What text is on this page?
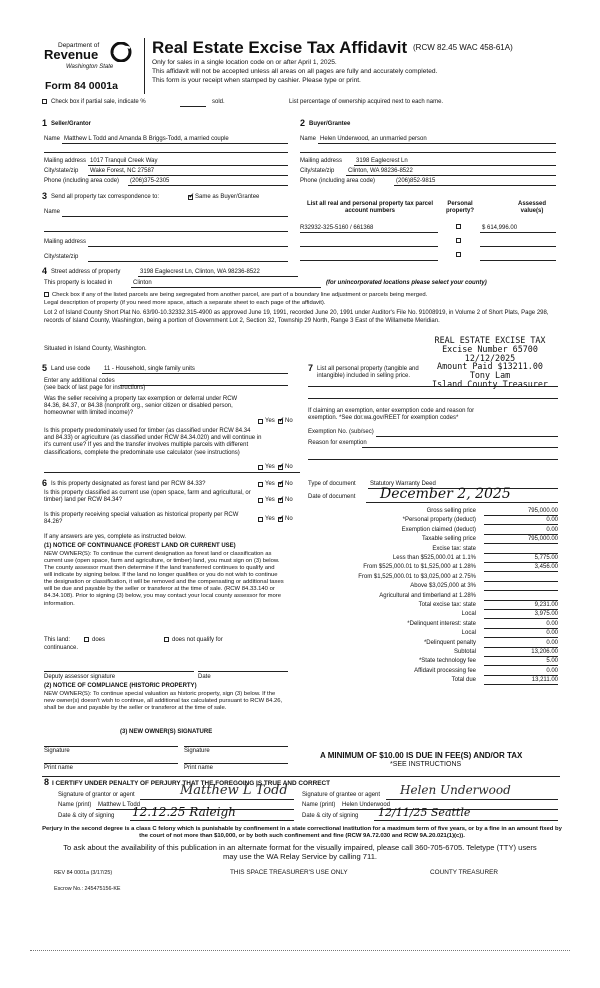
Department of
Revenue
Washington State
Form 84 0001a
Real Estate Excise Tax Affidavit (RCW 82.45 WAC 458-61A)
Only for sales in a single location code on or after April 1, 2025.
This affidavit will not be accepted unless all areas on all pages are fully and accurately completed.
This form is your receipt when stamped by cashier. Please type or print.
Check box if partial sale, indicate %	sold.	List percentage of ownership acquired next to each name.
1 Seller/Grantor
Name Matthew L Todd and Amanda B Briggs-Todd, a married couple
Mailing address 1017 Tranquil Creek Way
City/state/zip Wake Forest, NC 27587
Phone (including area code) (206)375-2305
2 Buyer/Grantee
Name Helen Underwood, an unmarried person
Mailing address 3198 Eaglecrest Ln
City/state/zip Clinton, WA 98236-8522
Phone (including area code)	(206)852-9815
3 Send all property tax correspondence to: ✓	Same as Buyer/Grantee
Name
Mailing address
City/state/zip
List all real and personal property tax parcel account numbers
Personal property?
Assessed value(s)
R32932-325-5160 / 661368	$ 614,996.00
4 Street address of property	3198 Eaglecrest Ln, Clinton, WA 98236-8522
This property is located in	Clinton	(for unincorporated locations please select your county)
Check box if any of the listed parcels are being segregated from another parcel, are part of a boundary line adjustment or parcels being merged.
Legal description of property (if you need more space, attach a separate sheet to each page of the affidavit).
Lot 2 of Island County Short Plat No. 63/90-10.32332.315-4900 as approved June 19, 1991, recorded June 20, 1991 under Auditor's File No. 91008919, in Volume 2 of Short Plats, Page 298, records of Island County, Washington, being a portion of Government Lot 2, Section 32, Township 29 North, Range 3 East of the Willamette Meridian.
Situated in Island County, Washington.
REAL ESTATE EXCISE TAX
Excise Number 65700
12/12/2025
Amount Paid $13211.00
Tony Lam
Island County Treasurer
5 Land use code 11 - Household, single family units
Enter any additional codes
(see back of last page for instructions)
Was the seller receiving a property tax exemption or deferral under RCW 84.36, 84.37, or 84.38 (nonprofit org., senior citizen or disabled person, homeowner with limited income)?
Yes ✓ No
Is this property predominately used for timber (as classified under RCW 84.34 and 84.33) or agriculture (as classified under RCW 84.34.020) and will continue in it's current use? If yes and the transfer involves multiple parcels with different classifications, complete the predominate use calculator (see instructions)
Yes ✓ No
7 List all personal property (tangible and intangible) included in selling price.
If claiming an exemption, enter exemption code and reason for exemption. *See dor.wa.gov/REET for exemption codes*
Exemption No. (sub/sec)
Reason for exemption
6 Is this property designated as forest land per RCW 84.33?	Yes ✓ No
Is this property classified as current use (open space, farm and agricultural, or timber) land per RCW 84.34?	Yes ✓ No
Is this property receiving special valuation as historical property per RCW 84.26?
Yes ✓ No
If any answers are yes, complete as instructed below.
(1) NOTICE OF CONTINUANCE (FOREST LAND OR CURRENT USE)
NEW OWNER(S): To continue the current designation as forest land or classification as current use (open space, farm and agriculture, or timber) land, you must sign on (3) below. The county assessor must then determine if the land transferred continues to qualify and will indicate by signing below. If the land no longer qualifies or you do not wish to continue the designation or classification, it will be removed and the compensating or additional taxes will be due and payable by the seller or transferor at the time of sale. (RCW 84.33.140 or 84.34.108). Prior to signing (3) below, you may contact your local county assessor for more information.
This land:	does	does not qualify for
continuance.
Deputy assessor signature	Date
(2) NOTICE OF COMPLIANCE (HISTORIC PROPERTY)
NEW OWNER(S): To continue special valuation as historic property, sign (3) below. If the new owner(s) doesn't wish to continue, all additional tax calculated pursuant to RCW 84.26, shall be due and payable by the seller or transferor at the time of sale.
(3) NEW OWNER(S) SIGNATURE
Signature	Signature
Print name	Print name
Type of document Statutory Warranty Deed
Date of document December 2, 2025
Gross selling price	795,000.00
*Personal property (deduct)	0.00
Exemption claimed (deduct)	0.00
Taxable selling price	795,000.00
Excise tax: state
Less than $525,000.01 at 1.1%	5,775.00
From $525,000.01 to $1,525,000 at 1.28%	3,456.00
From $1,525,000.01 to $3,025,000 at 2.75%
Above $3,025,000 at 3%
Agricultural and timberland at 1.28%
Total excise tax: state	9,231.00
Local	3,975.00
*Delinquent interest: state	0.00
Local	0.00
*Delinquent penalty	0.00
Subtotal	13,206.00
*State technology fee	5.00
Affidavit processing fee	0.00
Total due	13,211.00
A MINIMUM OF $10.00 IS DUE IN FEE(S) AND/OR TAX
*SEE INSTRUCTIONS
8 I CERTIFY UNDER PENALTY OF PERJURY THAT THE FOREGOING IS TRUE AND CORRECT
Signature of grantor or agent	Matthew L Todd
Name (print) Matthew L Todd
Date & city of signing 12.12.25 Raleigh
Signature of grantee or agent Helen Underwood
Name (print) Helen Underwood
Date & city of signing 12/11/25 Seattle
Perjury in the second degree is a class C felony which is punishable by confinement in a state correctional institution for a maximum term of five years, or by a fine in an amount fixed by the court of not more than $10,000, or by both such confinement and fine (RCW 9A.72.030 and RCW 9A.20.021(1)(c)).
To ask about the availability of this publication in an alternate format for the visually impaired, please call 360-705-6705. Teletype (TTY) users may use the WA Relay Service by calling 711.
REV 84 0001a (3/17/25)	THIS SPACE TREASURER'S USE ONLY	COUNTY TREASURER
Escrow No.: 245475156-KE
